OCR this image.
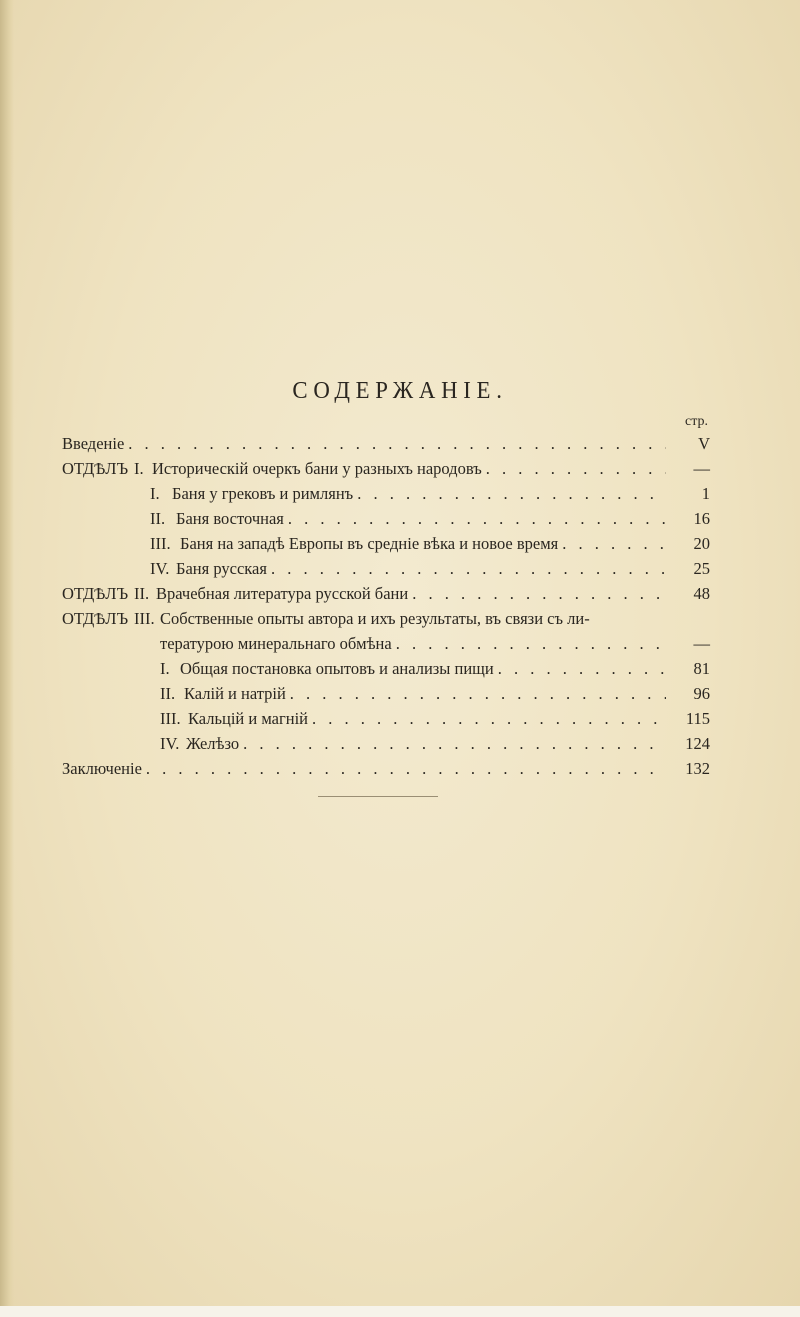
СОДЕРЖАНІЕ.
стр.
Введеніе . . .	V
ОТДѢЛЪ I. Историческій очеркъ бани у разныхъ народовъ . . .	—
I. Баня у грековъ и римлянъ . . .	1
II. Баня восточная . . .	16
III. Баня на западѣ Европы въ средніе вѣка и новое время . . .	20
IV. Баня русская . . .	25
ОТДѢЛЪ II. Врачебная литература русской бани . . .	48
ОТДѢЛЪ III. Собственные опыты автора и ихъ результаты, въ связи съ ли-
тературою минеральнаго обмѣна . . .	—
I. Общая постановка опытовъ и анализы пищи . . .	81
II. Калій и натрій . . .	96
III. Кальцій и магній . . .	115
IV. Желѣзо . . .	124
Заключеніе . . .	132
